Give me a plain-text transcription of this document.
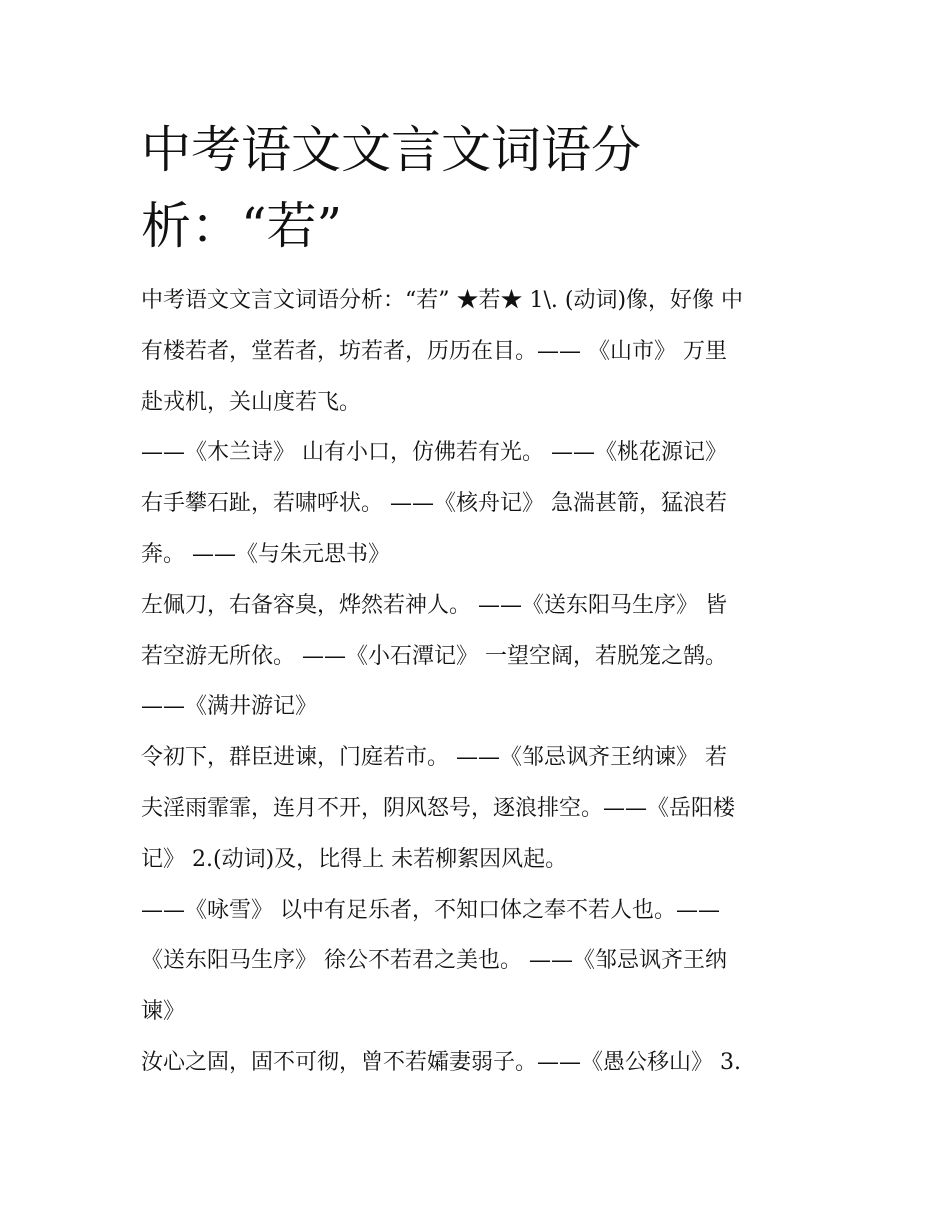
中考语文文言文词语分
析：“若”
中考语文文言文词语分析：“若” ★若★ 1\. (动词)像，好像 中
有楼若者，堂若者，坊若者，历历在目。—— 《山市》 万里
赴戎机，关山度若飞。
——《木兰诗》 山有小口，仿佛若有光。 ——《桃花源记》
右手攀石趾，若啸呼状。 ——《核舟记》 急湍甚箭，猛浪若
奔。 ——《与朱元思书》
左佩刀，右备容臭，烨然若神人。 ——《送东阳马生序》 皆
若空游无所依。 ——《小石潭记》 一望空阔，若脱笼之鹄。
——《满井游记》
令初下，群臣进谏，门庭若市。 ——《邹忌讽齐王纳谏》 若
夫淫雨霏霏，连月不开，阴风怒号，逐浪排空。——《岳阳楼
记》 2.(动词)及，比得上 未若柳絮因风起。
——《咏雪》 以中有足乐者，不知口体之奉不若人也。——
《送东阳马生序》 徐公不若君之美也。 ——《邹忌讽齐王纳
谏》
汝心之固，固不可彻，曾不若孀妻弱子。——《愚公移山》 3.
